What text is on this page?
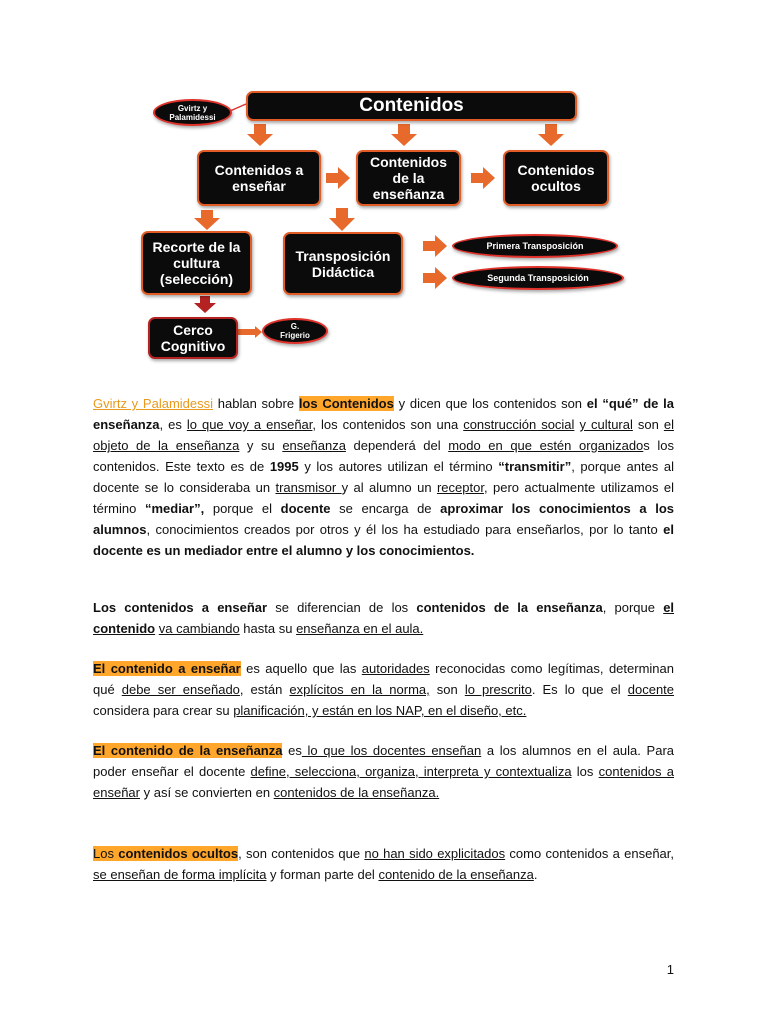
Gvirtz y
Palamidessi
Contenidos
Contenidos a
enseñar
Contenidos
de la
enseñanza
Contenidos
ocultos
Recorte de la
cultura
(selección)
Transposición
Didáctica
Primera Transposición
Segunda Transposición
Cerco
Cognitivo
G.
Frigerio

Gvirtz y Palamidessi hablan sobre los Contenidos y dicen que los contenidos son el “qué” de la enseñanza, es lo que voy a enseñar, los contenidos son una construcción social y cultural son el objeto de la enseñanza y su enseñanza dependerá del modo en que estén organizados los contenidos. Este texto es de 1995 y los autores utilizan el término “transmitir”, porque antes al docente se lo consideraba un transmisor y al alumno un receptor, pero actualmente utilizamos el término “mediar”, porque el docente se encarga de aproximar los conocimientos a los alumnos, conocimientos creados por otros y él los ha estudiado para enseñarlos, por lo tanto el docente es un mediador entre el alumno y los conocimientos.

Los contenidos a enseñar se diferencian de los contenidos de la enseñanza, porque el contenido va cambiando hasta su enseñanza en el aula.

El contenido a enseñar es aquello que las autoridades reconocidas como legítimas, determinan qué debe ser enseñado, están explícitos en la norma, son lo prescrito. Es lo que el docente considera para crear su planificación, y están en los NAP, en el diseño, etc.

El contenido de la enseñanza es lo que los docentes enseñan a los alumnos en el aula. Para poder enseñar el docente define, selecciona, organiza, interpreta y contextualiza los contenidos a enseñar y así se convierten en contenidos de la enseñanza.

Los contenidos ocultos, son contenidos que no han sido explicitados como contenidos a enseñar, se enseñan de forma implícita y forman parte del contenido de la enseñanza.

1
